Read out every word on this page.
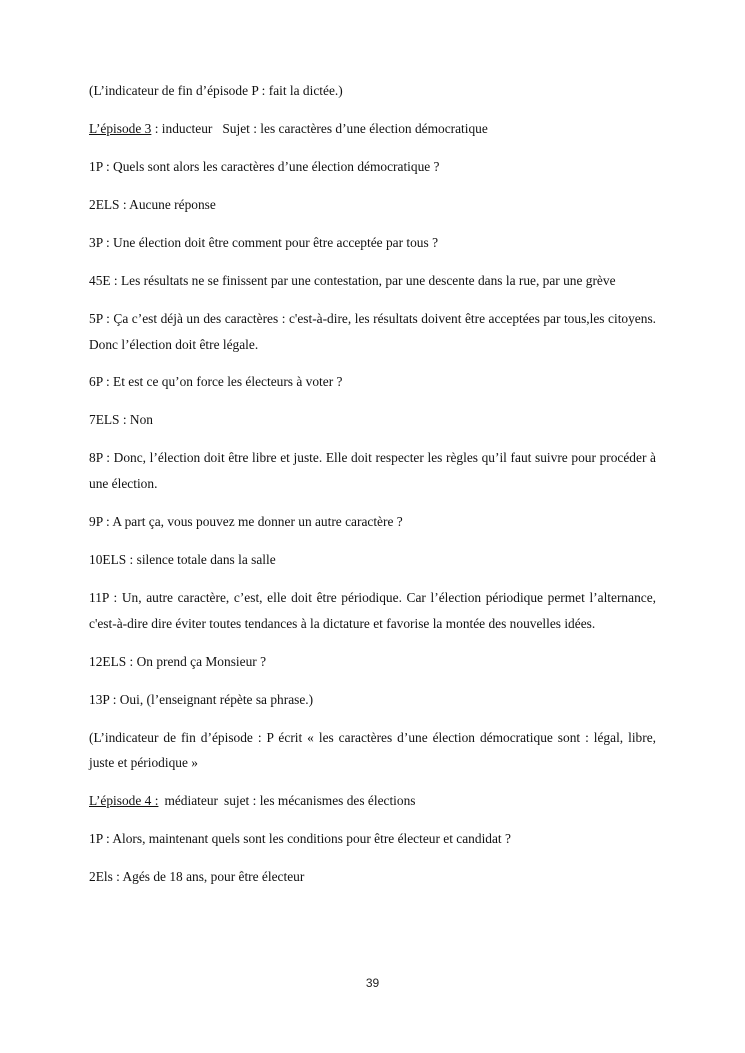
(L’indicateur de fin d’épisode P : fait la dictée.)

L’épisode 3 : inducteur Sujet : les caractères d’une élection démocratique

1P : Quels sont alors les caractères d’une élection démocratique ?

2ELS : Aucune réponse

3P : Une élection doit être comment pour être acceptée par tous ?

45E : Les résultats ne se finissent par une contestation, par une descente dans la rue, par une grève

5P : Ça c’est déjà un des caractères : c'est-à-dire, les résultats doivent être acceptées par tous,les citoyens. Donc l’élection doit être légale.

6P : Et est ce qu’on force les électeurs à voter ?

7ELS : Non

8P : Donc, l’élection doit être libre et juste. Elle doit respecter les règles qu’il faut suivre pour procéder à une élection.

9P : A part ça, vous pouvez me donner un autre caractère ?

10ELS : silence totale dans la salle

11P : Un, autre caractère, c’est, elle doit être périodique. Car l’élection périodique permet l’alternance, c'est-à-dire dire éviter toutes tendances à la dictature et favorise la montée des nouvelles idées.

12ELS : On prend ça Monsieur ?

13P : Oui, (l’enseignant répète sa phrase.)

(L’indicateur de fin d’épisode : P écrit « les caractères d’une élection démocratique sont : légal, libre, juste et périodique »

L’épisode 4 : médiateur sujet : les mécanismes des élections

1P : Alors, maintenant quels sont les conditions pour être électeur et candidat ?

2Els : Agés de 18 ans, pour être électeur

39
